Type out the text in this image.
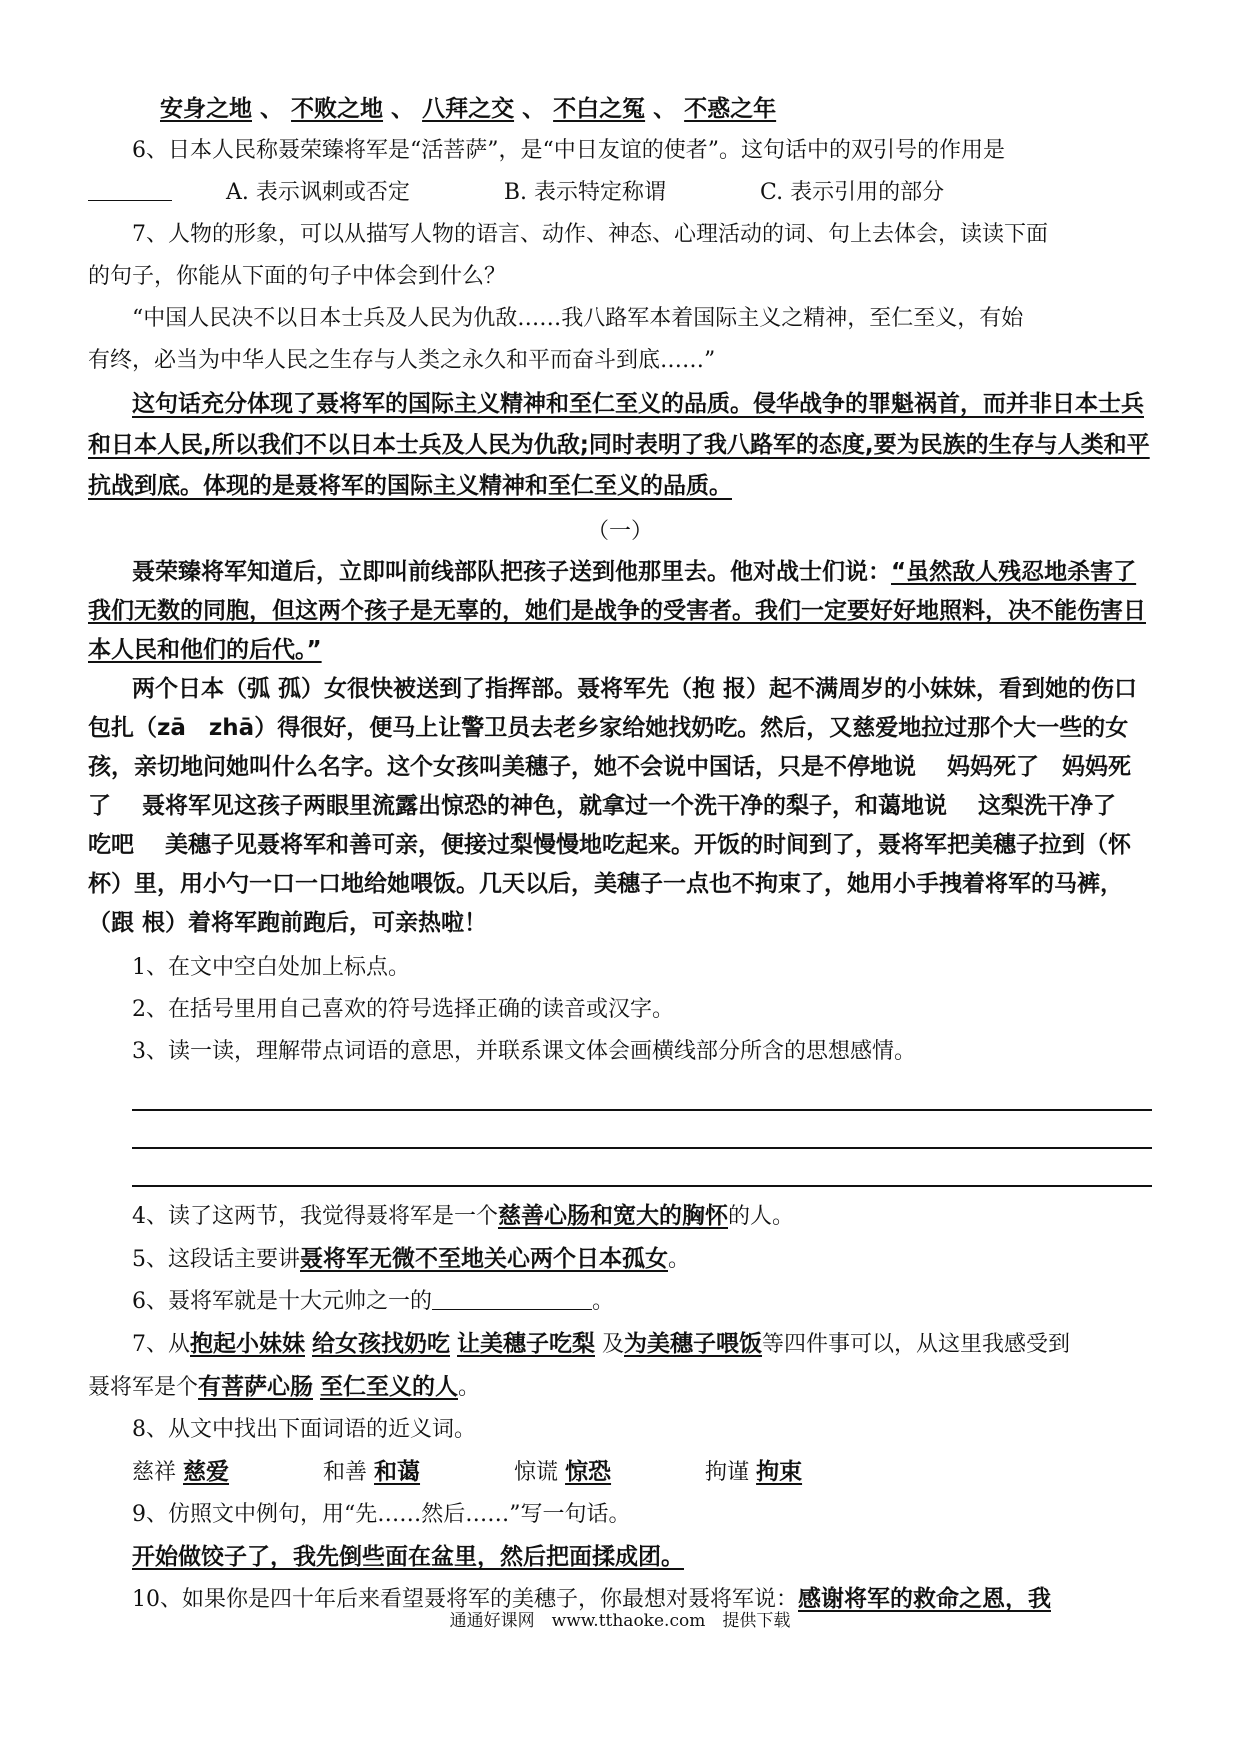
安身之地 、 不败之地 、 八拜之交 、 不白之冤 、 不惑之年
6、日本人民称聂荣臻将军是“活菩萨”，是“中日友谊的使者”。这句话中的双引号的作用是
A. 表示讽刺或否定	B. 表示特定称谓	C. 表示引用的部分
7、人物的形象，可以从描写人物的语言、动作、神态、心理活动的词、句上去体会，读读下面
的句子，你能从下面的句子中体会到什么？
“中国人民决不以日本士兵及人民为仇敌……我八路军本着国际主义之精神，至仁至义，有始
有终，必当为中华人民之生存与人类之永久和平而奋斗到底……”

这句话充分体现了聂将军的国际主义精神和至仁至义的品质。侵华战争的罪魁祸首，而并非日本士兵和日本人民,所以我们不以日本士兵及人民为仇敌;同时表明了我八路军的态度,要为民族的生存与人类和平抗战到底。体现的是聂将军的国际主义精神和至仁至义的品质。

（一）

聂荣臻将军知道后，立即叫前线部队把孩子送到他那里去。他对战士们说：“虽然敌人残忍地杀害了我们无数的同胞，但这两个孩子是无辜的，她们是战争的受害者。我们一定要好好地照料，决不能伤害日本人民和他们的后代。”

两个日本（弧 孤）女很快被送到了指挥部。聂将军先（抱 报）起不满周岁的小妹妹，看到她的伤口包扎（zā　zhā）得很好，便马上让警卫员去老乡家给她找奶吃。然后，又慈爱地拉过那个大一些的女孩，亲切地问她叫什么名字。这个女孩叫美穗子，她不会说中国话，只是不停地说　 妈妈死了　妈妈死了　 聂将军见这孩子两眼里流露出惊恐的神色，就拿过一个洗干净的梨子，和蔼地说　 这梨洗干净了　 吃吧　 美穗子见聂将军和善可亲，便接过梨慢慢地吃起来。开饭的时间到了，聂将军把美穗子拉到（怀　杯）里，用小勺一口一口地给她喂饭。几天以后，美穗子一点也不拘束了，她用小手拽着将军的马裤，（跟 根）着将军跑前跑后，可亲热啦！

1、在文中空白处加上标点。
2、在括号里用自己喜欢的符号选择正确的读音或汉字。
3、读一读，理解带点词语的意思，并联系课文体会画横线部分所含的思想感情。
4、读了这两节，我觉得聂将军是一个慈善心肠和宽大的胸怀的人。
5、这段话主要讲聂将军无微不至地关心两个日本孤女。
6、聂将军就是十大元帅之一的	。
7、从抱起小妹妹 给女孩找奶吃 让美穗子吃梨 及为美穗子喂饭等四件事可以，从这里我感受到
聂将军是个有菩萨心肠 至仁至义的人。
8、从文中找出下面词语的近义词。
慈祥 慈爱	和善 和蔼	惊谎 惊恐	拘谨 拘束
9、仿照文中例句，用“先……然后……”写一句话。
开始做饺子了，我先倒些面在盆里，然后把面揉成团。
10、如果你是四十年后来看望聂将军的美穗子，你最想对聂将军说：感谢将军的救命之恩，我
通通好课网　www.tthaoke.com　提供下载
